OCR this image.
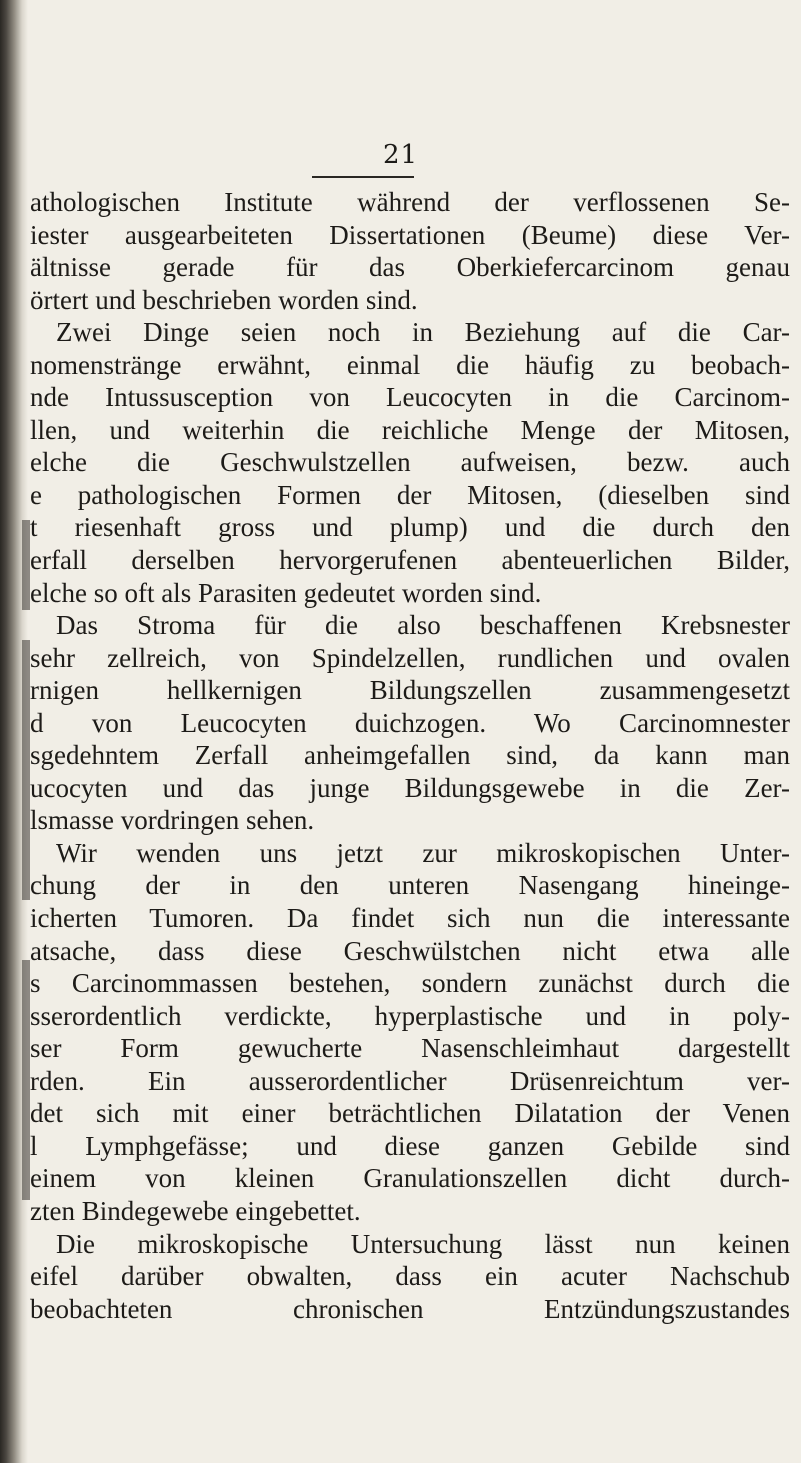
21
athologischen Institute während der verflossenen Se-
iester ausgearbeiteten Dissertationen (Beume) diese Ver-
ältnisse gerade für das Oberkiefercarcinom genau
örtert und beschrieben worden sind.
Zwei Dinge seien noch in Beziehung auf die Car-
nomenstränge erwähnt, einmal die häufig zu beobach-
nde Intussusception von Leucocyten in die Carcinom-
llen, und weiterhin die reichliche Menge der Mitosen,
elche die Geschwulstzellen aufweisen, bezw. auch
e pathologischen Formen der Mitosen, (dieselben sind
t riesenhaft gross und plump) und die durch den
erfall derselben hervorgerufenen abenteuerlichen Bilder,
elche so oft als Parasiten gedeutet worden sind.
Das Stroma für die also beschaffenen Krebsnester
sehr zellreich, von Spindelzellen, rundlichen und ovalen
rnigen hellkernigen Bildungszellen zusammengesetzt
d von Leucocyten duichzogen. Wo Carcinomnester
sgedehntem Zerfall anheimgefallen sind, da kann man
ucocyten und das junge Bildungsgewebe in die Zer-
lsmasse vordringen sehen.
Wir wenden uns jetzt zur mikroskopischen Unter-
chung der in den unteren Nasengang hineinge-
icherten Tumoren. Da findet sich nun die interessante
atsache, dass diese Geschwülstchen nicht etwa alle
s Carcinommassen bestehen, sondern zunächst durch die
sserordentlich verdickte, hyperplastische und in poly-
ser Form gewucherte Nasenschleimhaut dargestellt
rden. Ein ausserordentlicher Drüsenreichtum ver-
det sich mit einer beträchtlichen Dilatation der Venen
l Lymphgefässe; und diese ganzen Gebilde sind
einem von kleinen Granulationszellen dicht durch-
zten Bindegewebe eingebettet.
Die mikroskopische Untersuchung lässt nun keinen
eifel darüber obwalten, dass ein acuter Nachschub
beobachteten chronischen Entzündungszustandes
